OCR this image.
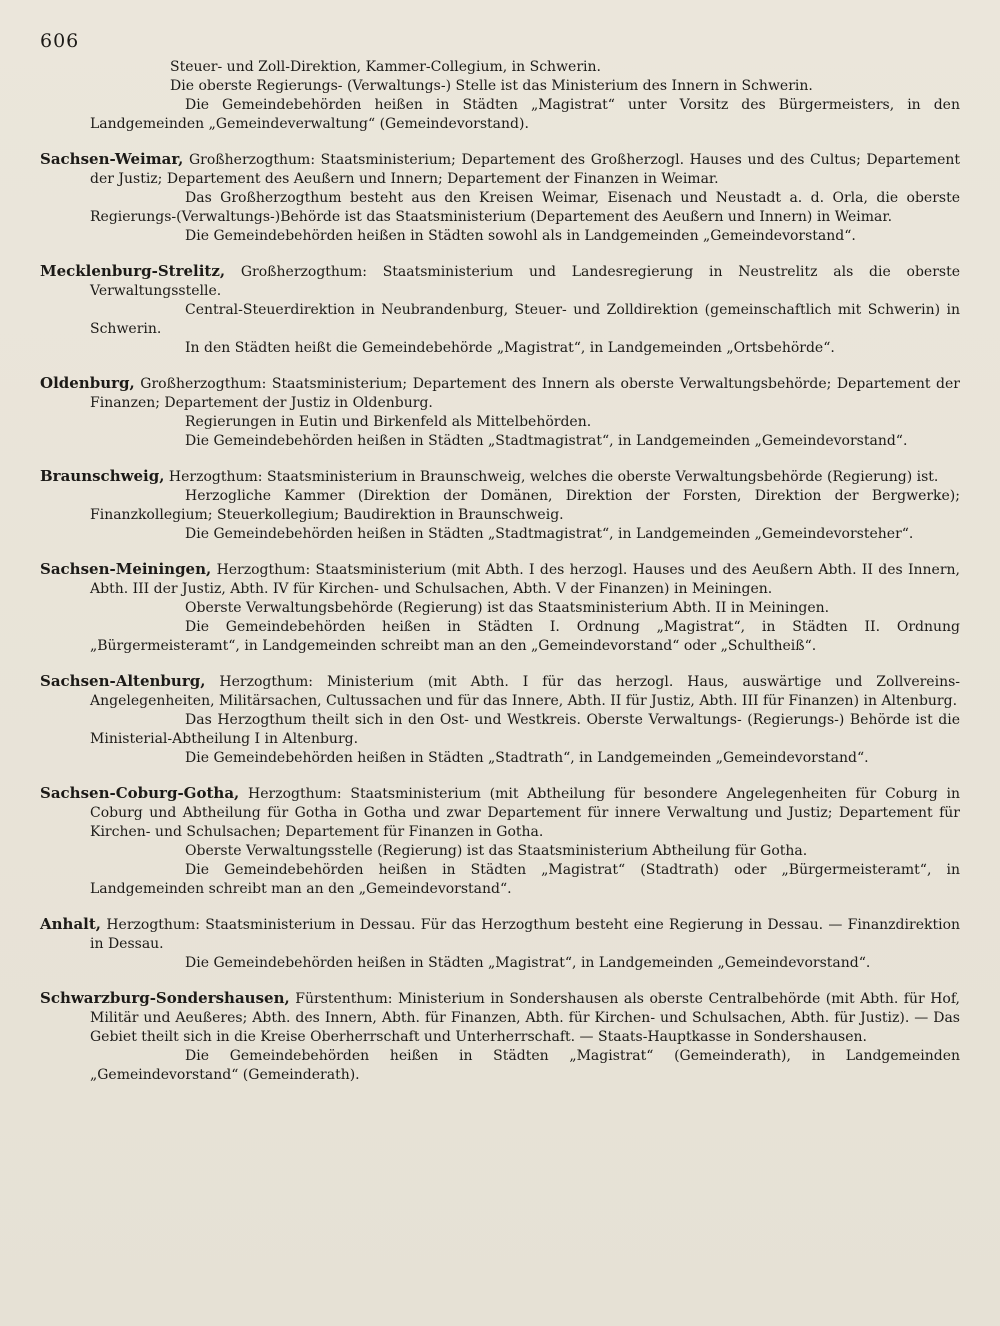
606

Steuer- und Zoll-Direktion, Kammer-Collegium, in Schwerin.

Die oberste Regierungs- (Verwaltungs-) Stelle ist das Ministerium des Innern in Schwerin.

Die Gemeindebehörden heißen in Städten „Magistrat“ unter Vorsitz des Bürgermeisters, in den Landgemeinden „Gemeindeverwaltung“ (Gemeindevorstand).

Sachsen-Weimar, Großherzogthum: Staatsministerium; Departement des Großherzogl. Hauses und des Cultus; Departement der Justiz; Departement des Aeußern und Innern; Departement der Finanzen in Weimar.

Das Großherzogthum besteht aus den Kreisen Weimar, Eisenach und Neustadt a. d. Orla, die oberste Regierungs-(Verwaltungs-)Behörde ist das Staatsministerium (Departement des Aeußern und Innern) in Weimar.

Die Gemeindebehörden heißen in Städten sowohl als in Landgemeinden „Gemeindevorstand“.

Mecklenburg-Strelitz, Großherzogthum: Staatsministerium und Landesregierung in Neustrelitz als die oberste Verwaltungsstelle.

Central-Steuerdirektion in Neubrandenburg, Steuer- und Zolldirektion (gemeinschaftlich mit Schwerin) in Schwerin.

In den Städten heißt die Gemeindebehörde „Magistrat“, in Landgemeinden „Ortsbehörde“.

Oldenburg, Großherzogthum: Staatsministerium; Departement des Innern als oberste Verwaltungsbehörde; Departement der Finanzen; Departement der Justiz in Oldenburg.

Regierungen in Eutin und Birkenfeld als Mittelbehörden.

Die Gemeindebehörden heißen in Städten „Stadtmagistrat“, in Landgemeinden „Gemeindevorstand“.

Braunschweig, Herzogthum: Staatsministerium in Braunschweig, welches die oberste Verwaltungsbehörde (Regierung) ist.

Herzogliche Kammer (Direktion der Domänen, Direktion der Forsten, Direktion der Bergwerke); Finanzkollegium; Steuerkollegium; Baudirektion in Braunschweig.

Die Gemeindebehörden heißen in Städten „Stadtmagistrat“, in Landgemeinden „Gemeindevorsteher“.

Sachsen-Meiningen, Herzogthum: Staatsministerium (mit Abth. I des herzogl. Hauses und des Aeußern Abth. II des Innern, Abth. III der Justiz, Abth. IV für Kirchen- und Schulsachen, Abth. V der Finanzen) in Meiningen.

Oberste Verwaltungsbehörde (Regierung) ist das Staatsministerium Abth. II in Meiningen.

Die Gemeindebehörden heißen in Städten I. Ordnung „Magistrat“, in Städten II. Ordnung „Bürgermeisteramt“, in Landgemeinden schreibt man an den „Gemeindevorstand“ oder „Schultheiß“.

Sachsen-Altenburg, Herzogthum: Ministerium (mit Abth. I für das herzogl. Haus, auswärtige und Zollvereins-Angelegenheiten, Militärsachen, Cultussachen und für das Innere, Abth. II für Justiz, Abth. III für Finanzen) in Altenburg.

Das Herzogthum theilt sich in den Ost- und Westkreis. Oberste Verwaltungs- (Regierungs-) Behörde ist die Ministerial-Abtheilung I in Altenburg.

Die Gemeindebehörden heißen in Städten „Stadtrath“, in Landgemeinden „Gemeindevorstand“.

Sachsen-Coburg-Gotha, Herzogthum: Staatsministerium (mit Abtheilung für besondere Angelegenheiten für Coburg in Coburg und Abtheilung für Gotha in Gotha und zwar Departement für innere Verwaltung und Justiz; Departement für Kirchen- und Schulsachen; Departement für Finanzen in Gotha.

Oberste Verwaltungsstelle (Regierung) ist das Staatsministerium Abtheilung für Gotha.

Die Gemeindebehörden heißen in Städten „Magistrat“ (Stadtrath) oder „Bürgermeisteramt“, in Landgemeinden schreibt man an den „Gemeindevorstand“.

Anhalt, Herzogthum: Staatsministerium in Dessau. Für das Herzogthum besteht eine Regierung in Dessau. — Finanzdirektion in Dessau.

Die Gemeindebehörden heißen in Städten „Magistrat“, in Landgemeinden „Gemeindevorstand“.

Schwarzburg-Sondershausen, Fürstenthum: Ministerium in Sondershausen als oberste Centralbehörde (mit Abth. für Hof, Militär und Aeußeres; Abth. des Innern, Abth. für Finanzen, Abth. für Kirchen- und Schulsachen, Abth. für Justiz). — Das Gebiet theilt sich in die Kreise Oberherrschaft und Unterherrschaft. — Staats-Hauptkasse in Sondershausen.

Die Gemeindebehörden heißen in Städten „Magistrat“ (Gemeinderath), in Landgemeinden „Gemeindevorstand“ (Gemeinderath).
